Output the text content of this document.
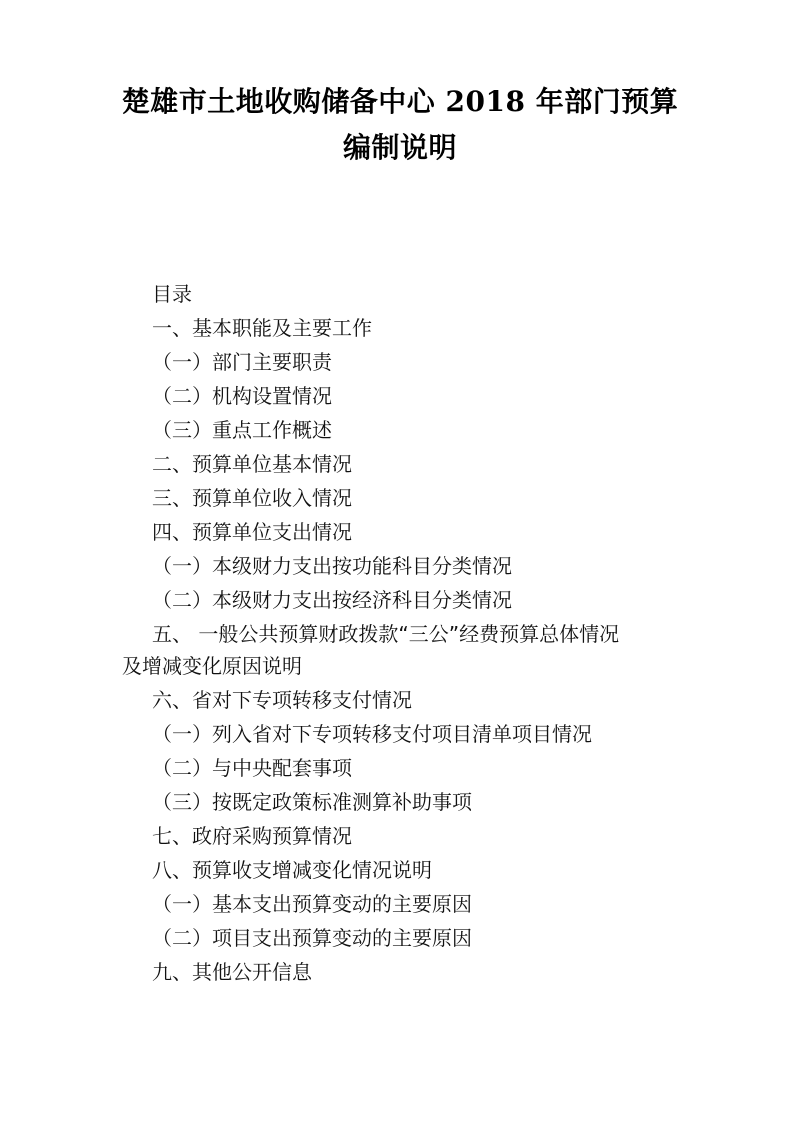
楚雄市土地收购储备中心 2018 年部门预算
编制说明
目录
一、基本职能及主要工作
（一）部门主要职责
（二）机构设置情况
（三）重点工作概述
二、预算单位基本情况
三、预算单位收入情况
四、预算单位支出情况
（一）本级财力支出按功能科目分类情况
（二）本级财力支出按经济科目分类情况
五、 一般公共预算财政拨款“三公”经费预算总体情况
及增减变化原因说明
六、省对下专项转移支付情况
（一）列入省对下专项转移支付项目清单项目情况
（二）与中央配套事项
（三）按既定政策标准测算补助事项
七、政府采购预算情况
八、预算收支增减变化情况说明
（一）基本支出预算变动的主要原因
（二）项目支出预算变动的主要原因
九、其他公开信息
